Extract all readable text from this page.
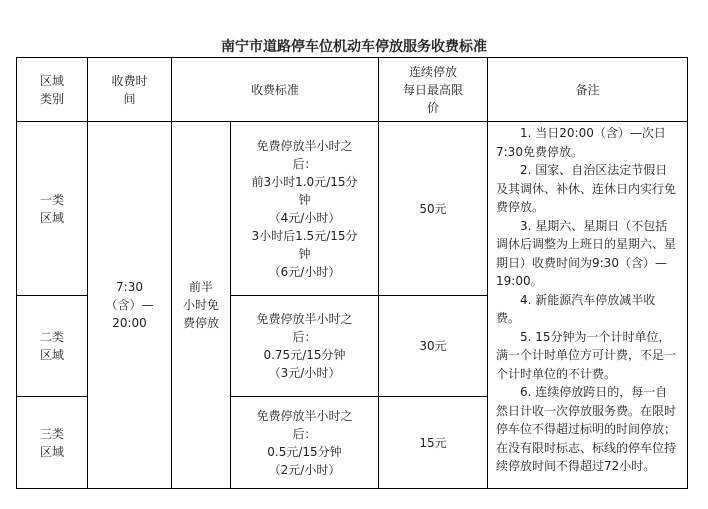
南宁市道路停车位机动车停放服务收费标准
区域
类别
收费时
间
收费标准
连续停放
每日最高限
价
备注
一类
区域
二类
区域
三类
区域
7:30
（含）—
20:00
前半
小时免
费停放
免费停放半小时之
后：
前3小时1.0元/15分
钟
（4元/小时）
3小时后1.5元/15分
钟
（6元/小时）
免费停放半小时之
后：
0.75元/15分钟
（3元/小时）
免费停放半小时之
后：
0.5元/15分钟
（2元/小时）
50元
30元
15元

1. 当日20:00（含）—次日7:30免费停放。

2. 国家、自治区法定节假日及其调休、补休、连休日内实行免费停放。

3. 星期六、星期日（不包括调休后调整为上班日的星期六、星期日）收费时间为9:30（含）—19:00。

4. 新能源汽车停放减半收费。

5. 15分钟为一个计时单位，满一个计时单位方可计费，不足一个计时单位的不计费。

6. 连续停放跨日的，每一自然日计收一次停放服务费。在限时停车位不得超过标明的时间停放；在没有限时标志、标线的停车位持续停放时间不得超过72小时。
